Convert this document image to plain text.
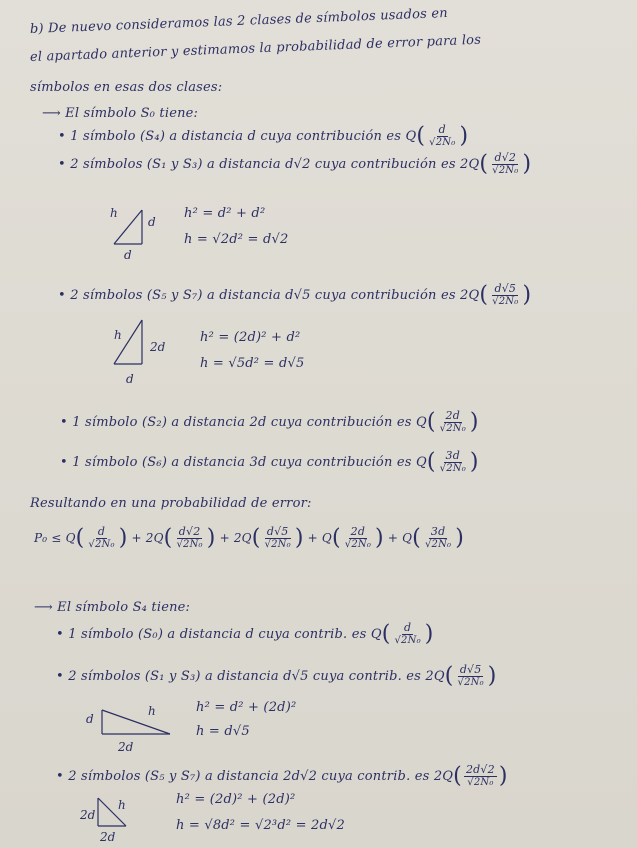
b) De nuevo consideramos las 2 clases de símbolos usados en
el apartado anterior y estimamos la probabilidad de error para los
símbolos en esas dos clases:
⟶ El símbolo S₀ tiene:
• 1 símbolo (S₄) a distancia d cuya contribución es $Q( \frac{d}{\text{√2N₀}}$ )
• 2 símbolos (S₁ y S₃) a distancia d√2 cuya contribución es $2Q( \frac{d√2}{\text{√2N₀}}$ )
h
d
d
h² = d² + d²
h = √2d² = d√2
• 2 símbolos (S₅ y S₇) a distancia d√5 cuya contribución es $2Q( \frac{d√5}{\text{√2N₀}}$ )
h
2d
d
h² = (2d)² + d²
h = √5d² = d√5
• 1 símbolo (S₂) a distancia 2d cuya contribución es $Q( \frac{2d}{\text{√2N₀}}$ )
• 1 símbolo (S₆) a distancia 3d cuya contribución es $Q( \frac{3d}{\text{√2N₀}}$ )
Resultando en una probabilidad de error:
$P_0 \le Q( \frac{d}{\text{√2N₀}}$ ) + $2Q( \frac{d√2}{\text{√2N₀}}$ ) + $2Q( \frac{d√5}{\text{√2N₀}}$ ) + $Q( \frac{2d}{\text{√2N₀}}$ ) + $Q( \frac{3d}{\text{√2N₀}}$ )
⟶ El símbolo S₄ tiene:
• 1 símbolo (S₀) a distancia d cuya contrib. es $Q( \frac{d}{\text{√2N₀}}$ )
• 2 símbolos (S₁ y S₃) a distancia d√5 cuya contrib. es $2Q( \frac{d√5}{\text{√2N₀}}$ )
d
h
2d
h² = d² + (2d)²
h = d√5
• 2 símbolos (S₅ y S₇) a distancia 2d√2 cuya contrib. es $2Q( \frac{2d√2}{\text{√2N₀}}$ )
2d
h
2d
h² = (2d)² + (2d)²
h = √8d² = √2³d² = 2d√2
